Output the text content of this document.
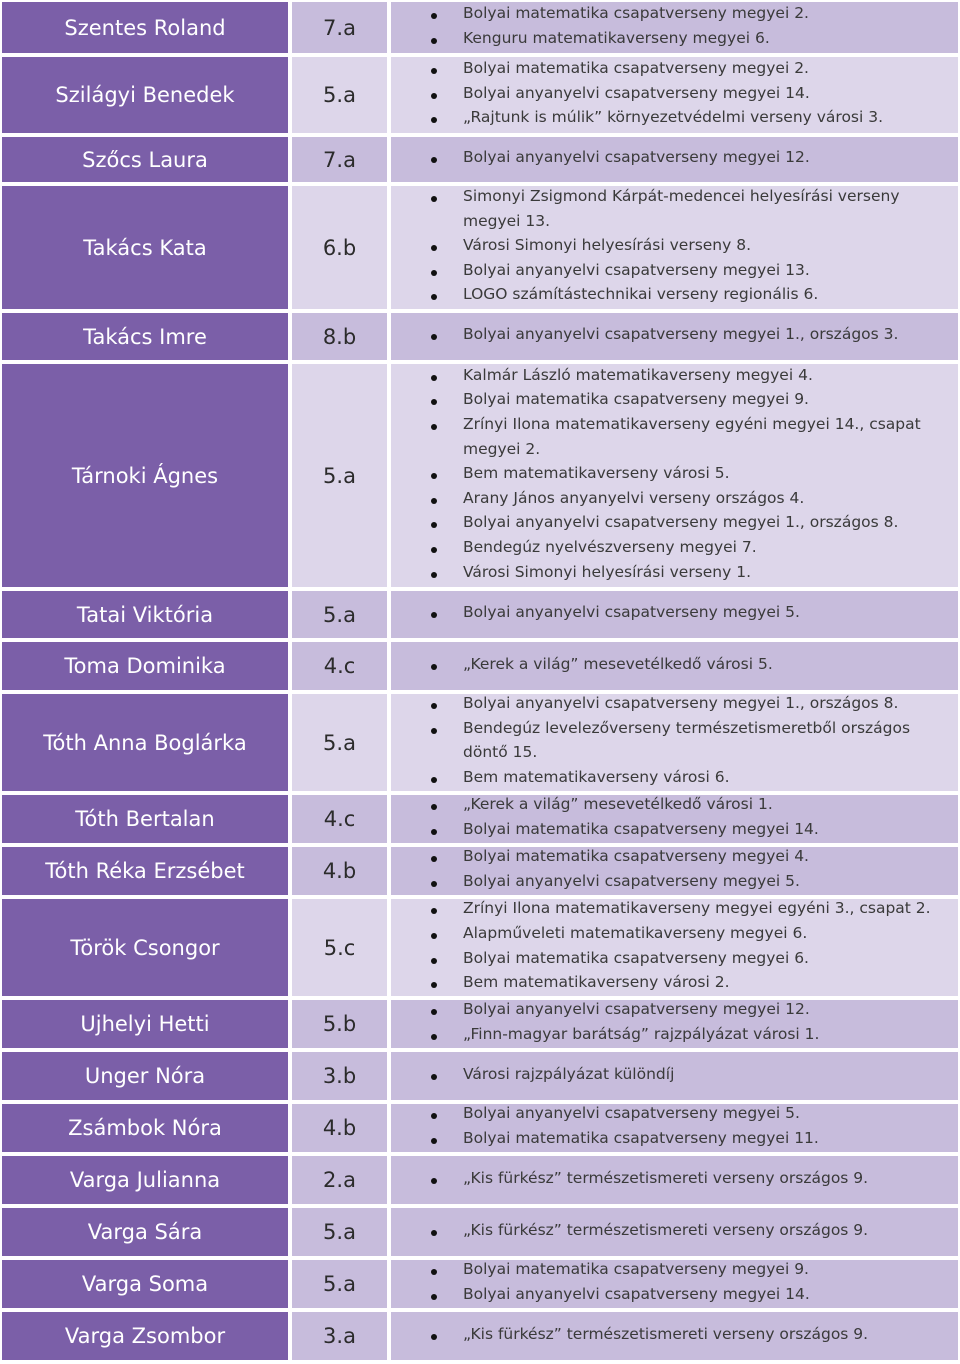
Szentes Roland	7.a
Bolyai matematika csapatverseny megyei 2.
Kenguru matematikaverseny megyei 6.
Szilágyi Benedek	5.a
Bolyai matematika csapatverseny megyei 2.
Bolyai anyanyelvi csapatverseny megyei 14.
„Rajtunk is múlik” környezetvédelmi verseny városi 3.
Szőcs Laura	7.a	Bolyai anyanyelvi csapatverseny megyei 12.
Takács Kata	6.b
Simonyi Zsigmond Kárpát-medencei helyesírási verseny
megyei 13.
Városi Simonyi helyesírási verseny 8.
Bolyai anyanyelvi csapatverseny megyei 13.
LOGO számítástechnikai verseny regionális 6.
Takács Imre	8.b	Bolyai anyanyelvi csapatverseny megyei 1., országos 3.
Tárnoki Ágnes	5.a
Kalmár László matematikaverseny megyei 4.
Bolyai matematika csapatverseny megyei 9.
Zrínyi Ilona matematikaverseny egyéni megyei 14., csapat
megyei 2.
Bem matematikaverseny városi 5.
Arany János anyanyelvi verseny országos 4.
Bolyai anyanyelvi csapatverseny megyei 1., országos 8.
Bendegúz nyelvészverseny megyei 7.
Városi Simonyi helyesírási verseny 1.
Tatai Viktória	5.a	Bolyai anyanyelvi csapatverseny megyei 5.
Toma Dominika	4.c	„Kerek a világ” mesevetélkedő városi 5.
Tóth Anna Boglárka	5.a
Bolyai anyanyelvi csapatverseny megyei 1., országos 8.
Bendegúz levelezőverseny természetismeretből országos
döntő 15.
Bem matematikaverseny városi 6.
Tóth Bertalan	4.c
„Kerek a világ” mesevetélkedő városi 1.
Bolyai matematika csapatverseny megyei 14.
Tóth Réka Erzsébet	4.b
Bolyai matematika csapatverseny megyei 4.
Bolyai anyanyelvi csapatverseny megyei 5.
Török Csongor	5.c
Zrínyi Ilona matematikaverseny megyei egyéni 3., csapat 2.
Alapműveleti matematikaverseny megyei 6.
Bolyai matematika csapatverseny megyei 6.
Bem matematikaverseny városi 2.
Ujhelyi Hetti	5.b
Bolyai anyanyelvi csapatverseny megyei 12.
„Finn-magyar barátság” rajzpályázat városi 1.
Unger Nóra	3.b	Városi rajzpályázat különdíj
Zsámbok Nóra	4.b
Bolyai anyanyelvi csapatverseny megyei 5.
Bolyai matematika csapatverseny megyei 11.
Varga Julianna	2.a	„Kis fürkész” természetismereti verseny országos 9.
Varga Sára	5.a	„Kis fürkész” természetismereti verseny országos 9.
Varga Soma	5.a
Bolyai matematika csapatverseny megyei 9.
Bolyai anyanyelvi csapatverseny megyei 14.
Varga Zsombor	3.a	„Kis fürkész” természetismereti verseny országos 9.
